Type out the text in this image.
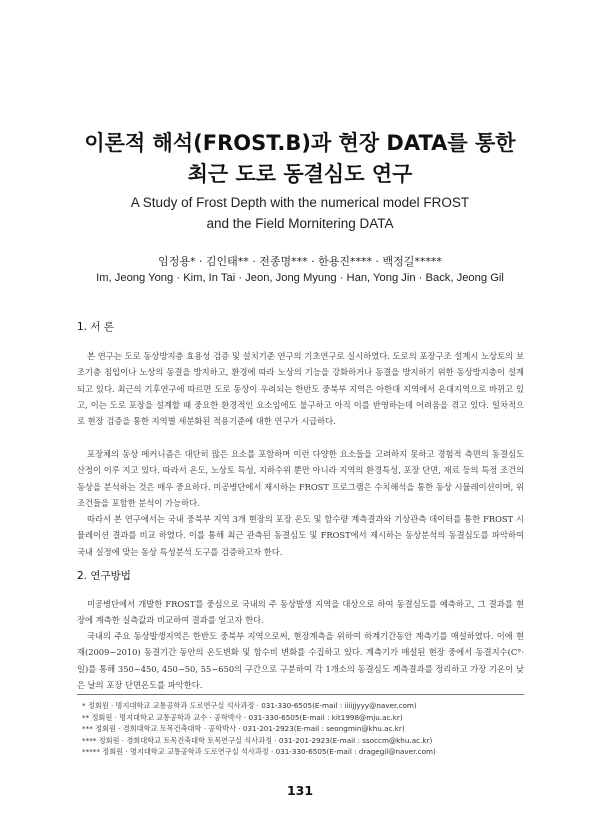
이론적 해석(FROST.B)과 현장 DATA를 통한
최근 도로 동결심도 연구
A Study of Frost Depth with the numerical model FROST
and the Field Mornitering DATA
임정용* · 김인태** · 전종명*** · 한용진**** · 백정길*****
Im, Jeong Yong · Kim, In Tai · Jeon, Jong Myung · Han, Yong Jin · Back, Jeong Gil
1. 서 론

본 연구는 도로 동상방지층 효용성 검증 및 설치기준 연구의 기초연구로 실시하였다. 도로의 포장구조 설계시 노상토의 보조기층 침입이나 노상의 동결을 방지하고, 환경에 따라 노상의 기능을 강화하거나 동결을 방지하기 위한 동상방지층이 설계되고 있다. 최근의 기후연구에 따르면 도로 동상이 우려되는 한반도 중북부 지역은 아한대 지역에서 온대지역으로 바뀌고 있고, 이는 도로 포장을 설계할 때 중요한 환경적인 요소임에도 불구하고 아직 이를 반영하는데 어려움을 겪고 있다. 일차적으로 현장 검증을 통한 지역별 세분화된 적용기준에 대한 연구가 시급하다.

포장체의 동상 메커니즘은 대단히 많은 요소를 포함하며 이런 다양한 요소들을 고려하지 못하고 경험적 측면의 동결심도 산정이 이루 지고 있다. 따라서 온도, 노상토 특성, 지하수위 뿐만 아니라 지역의 환경특성, 포장 단면, 재료 등의 특정 조건의 동상을 분석하는 것은 매우 중요하다. 미공병단에서 제시하는 FROST 프로그램은 수치해석을 통한 동상 시뮬레이션이며, 위 조건들을 포함한 분석이 가능하다.

따라서 본 연구에서는 국내 중북부 지역 3개 현장의 포장 온도 및 함수량 계측결과와 기상관측 데이터를 통한 FROST 시뮬레이션 결과를 비교 하였다. 이를 통해 최근 관측된 동결심도 및 FROST에서 제시하는 동상분석의 동결심도를 파악하여 국내 실정에 맞는 동상 특성분석 도구를 검증하고자 한다.

2. 연구방법

미공병단에서 개발한 FROST를 중심으로 국내의 주 동상발생 지역을 대상으로 하여 동결심도를 예측하고, 그 결과를 현장에 계측한 실측값과 비교하여 결과를 얻고자 한다.

국내의 주요 동상발생지역은 한반도 중북부 지역으로써, 현장계측을 위하여 하계기간동안 계측기를 매설하였다. 이에 현재(2009~2010) 동결기간 동안의 온도변화 및 함수비 변화를 수집하고 있다. 계측기가 매설된 현장 중에서 동결지수(C°·일)를 통해 350~450, 450~50, 55~650의 구간으로 구분하여 각 1개소의 동결심도 계측결과를 정리하고 가장 기온이 낮은 날의 포장 단면온도를 파악한다.

* 정회원 · 명지대학교 교통공학과 도로연구실 석사과정 · 031-330-6505(E-mail : iiiijjyyy@naver.com)
** 정회원 · 명지대학교 교통공학과 교수 · 공학박사 · 031-330-6505(E-mail : kit1998@mju.ac.kr)
*** 정회원 · 경희대학교 토목건축대학 · 공학박사 · 031-201-2923(E-mail : seongmin@khu.ac.kr)
**** 정회원 · 경희대학교 토목건축대학 토목연구실 석사과정 · 031-201-2923(E-mail : ssoccm@khu.ac.kr)
***** 정회원 · 명지대학교 교통공학과 도로연구실 석사과정 · 031-330-6505(E-mail : dragegil@naver.com)
131
